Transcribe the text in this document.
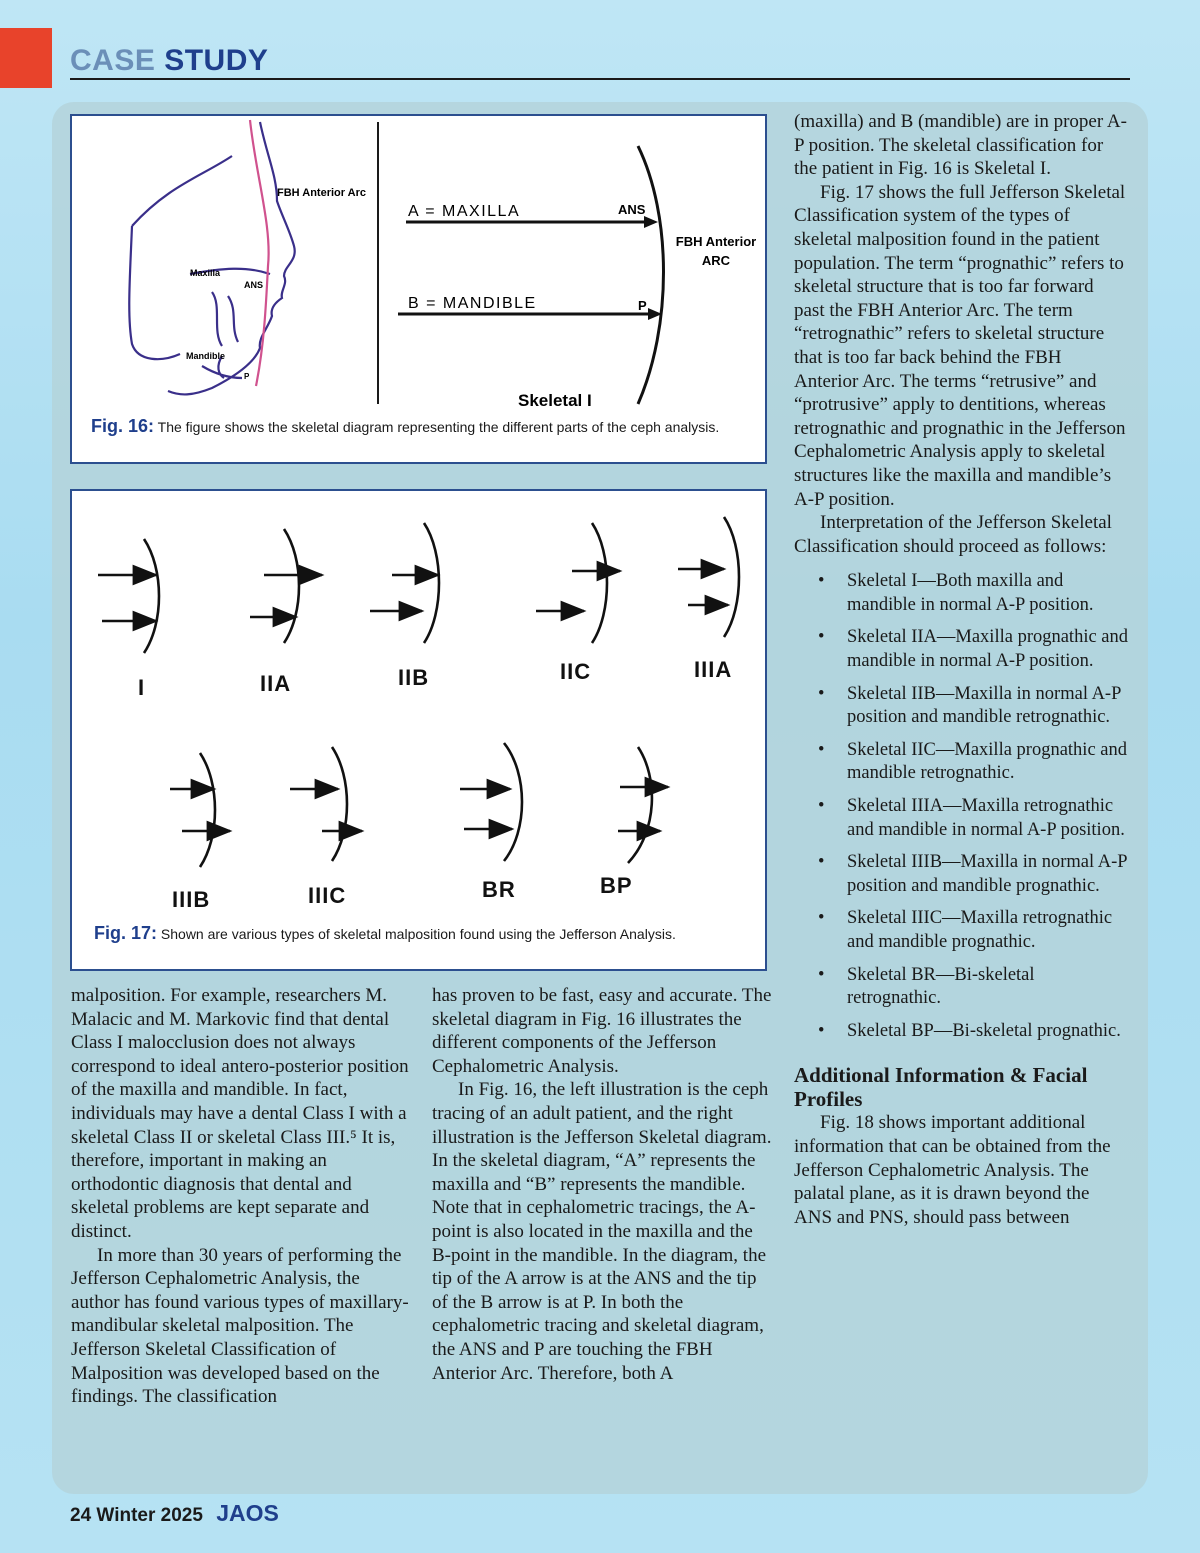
CASE STUDY
FBH Anterior Arc
Maxilla
ANS
Mandible
P
A = MAXILLA
B = MANDIBLE
ANS
P
FBH Anterior
ARC
Skeletal I
Fig. 16: The figure shows the skeletal diagram representing the different parts of the ceph analysis.
I	IIA	IIB	IIC	IIIA
IIIB	IIIC	BR	BP
Fig. 17: Shown are various types of skeletal malposition found using the Jefferson Analysis.

malposition. For example, researchers M. Malacic and M. Markovic find that dental Class I malocclusion does not always correspond to ideal antero-posterior position of the maxilla and mandible. In fact, individuals may have a dental Class I with a skeletal Class II or skeletal Class III.⁵ It is, therefore, important in making an orthodontic diagnosis that dental and skeletal problems are kept separate and distinct.

In more than 30 years of performing the Jefferson Cephalometric Analysis, the author has found various types of maxillary-mandibular skeletal malposition. The Jefferson Skeletal Classification of Malposition was developed based on the findings. The classification

has proven to be fast, easy and accurate. The skeletal diagram in Fig. 16 illustrates the different components of the Jefferson Cephalometric Analysis.

In Fig. 16, the left illustration is the ceph tracing of an adult patient, and the right illustration is the Jefferson Skeletal diagram. In the skeletal diagram, “A” represents the maxilla and “B” represents the mandible. Note that in cephalometric tracings, the A-point is also located in the maxilla and the B-point in the mandible. In the diagram, the tip of the A arrow is at the ANS and the tip of the B arrow is at P. In both the cephalometric tracing and skeletal diagram, the ANS and P are touching the FBH Anterior Arc. Therefore, both A

(maxilla) and B (mandible) are in proper A-P position. The skeletal classification for the patient in Fig. 16 is Skeletal I.

Fig. 17 shows the full Jefferson Skeletal Classification system of the types of skeletal malposition found in the patient population. The term “prognathic” refers to skeletal structure that is too far forward past the FBH Anterior Arc. The term “retrognathic” refers to skeletal structure that is too far back behind the FBH Anterior Arc. The terms “retrusive” and “protrusive” apply to dentitions, whereas retrognathic and prognathic in the Jefferson Cephalometric Analysis apply to skeletal structures like the maxilla and mandible’s A-P position.

Interpretation of the Jefferson Skeletal Classification should proceed as follows:

• Skeletal I—Both maxilla and mandible in normal A-P position.
• Skeletal IIA—Maxilla prognathic and mandible in normal A-P position.
• Skeletal IIB—Maxilla in normal A-P position and mandible retrognathic.
• Skeletal IIC—Maxilla prognathic and mandible retrognathic.
• Skeletal IIIA—Maxilla retrognathic and mandible in normal A-P position.
• Skeletal IIIB—Maxilla in normal A-P position and mandible prognathic.
• Skeletal IIIC—Maxilla retrognathic and mandible prognathic.
• Skeletal BR—Bi-skeletal retrognathic.
• Skeletal BP—Bi-skeletal prognathic.
Additional Information & Facial Profiles

Fig. 18 shows important additional information that can be obtained from the Jefferson Cephalometric Analysis. The palatal plane, as it is drawn beyond the ANS and PNS, should pass between

24 Winter 2025 JAOS
